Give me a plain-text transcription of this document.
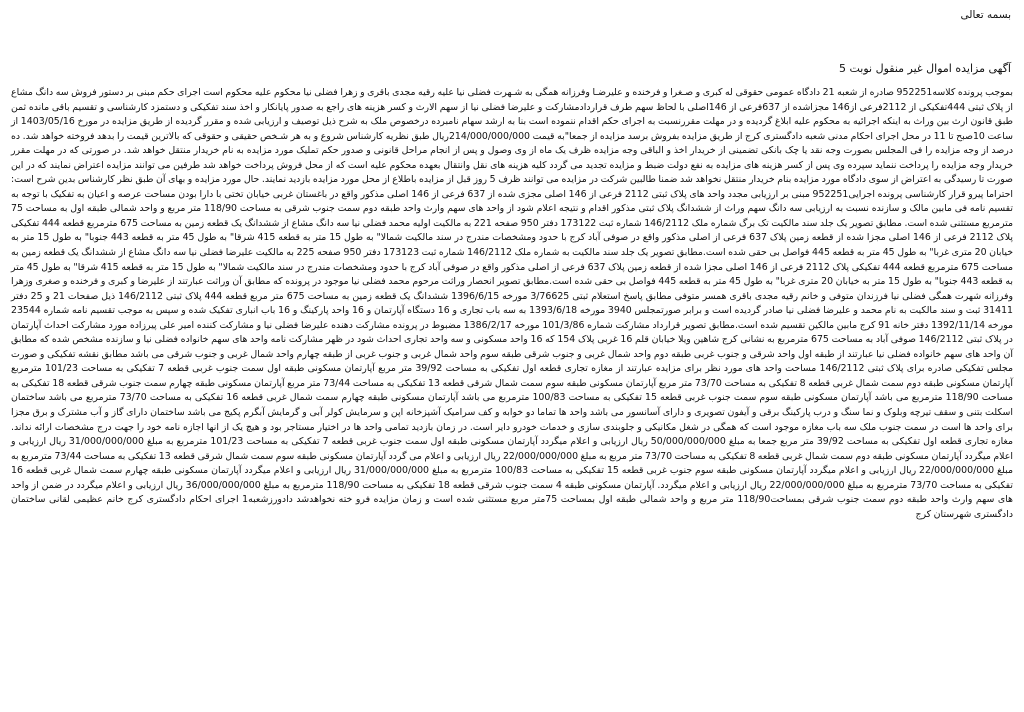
بسمه تعالی

آگهی مزایده اموال غیر منقول نوبت 5

بموجب پرونده کلاسه952251 صادره از شعبه 21 دادگاه عمومی حقوقی له کبری و صـغرا و فرخنده و علیرضـا وفرزانه همگی به شـهرت فضلی نیا علیه رقیه مجدی باقری و زهرا فضلی نیا محکوم علیه محکوم است اجرای حکم مبنی بر دستور فروش سه دانگ مشاع از پلاک ثبتی 444تفکیکی از 2112فرعی از146 مجزاشده از 637فرعی از 146اصلی با لحاظ سهم طرف قراردادمشارکت و علیرضا فضلی نیا از سهم الارث و کسر هزینه های راجع به صدور پایانکار و اخذ سند تفکیکی و دستمزد کارشناسی و تقسیم باقی مانده ثمن طبق قانون ارث بین وراث به اینکه اجرائیه به محکوم علیه ابلاغ گردیده و در مهلت مقررنسبت به اجرای حکم اقدام ننموده است بنا به ارشد سهام نامبرده درخصوص ملک به شرح ذیل توصیف و ارزیابی شده و مقرر گردیده از طریق مزایده در مورخ 1403/05/16 از ساعت 10صبح تا 11 در محل اجرای احکام مدنی شعبه دادگستری کرج از طریق مزایده بفروش برسد مزایده از جمعا"به قیمت 214/000/000/000ریال طبق نظریه کارشناس شروع و به هر شـخص حقیقی و حقوقی که بالاترین قیمت را بدهد فروخته خواهد شد. ده درصد از وجه مزایده را فی المجلس بصورت وجه نقد یا چک بانکی تضمینی از خریدار اخذ و الباقی وجه مزایده ظرف یک ماه از وی وصول و پس از انجام مراحل قانونی و صدور حکم تملیک مورد مزایده به نام خریدار منتقل خواهد شد. در صورتی که در مهلت مقرر خریدار وجه مزایده را پرداخت ننماید سپرده وی پس از کسر هزینه های مزایده به نفع دولت ضبط و مزایده تجدید می گردد کلیه هزینه های نقل وانتقال بعهده محکوم علیه است که از محل فروش پرداخت خواهد شد طرفین می توانند مزایده اعتراض نمایند که در این صورت تا رسیدگی به اعتراض از سوی دادگاه مورد مزایده بنام خریدار منتقل نخواهد شد ضمنا طالبین شرکت در مزایده می توانند ظرف 5 روز قبل از مزایده باطلاع از محل مورد مزایده بازدید نمایند. حال مورد مزایده و بهای آن طبق نظر کارشناس بدین شرح است: احتراما پیرو قرار کارشناسی پرونده اجرایی952251 مبنی بر ارزیابی مجدد واحد های پلاک ثبتی 2112 فرعی از 146 اصلی مجزی شده از 637 فرعی از 146 اصلی مذکور واقع در باغستان غربی خیابان تختی با دارا بودن مساحت عرصه و اعیان به تفکیک با توجه به تقسیم نامه فی مابین مالک و سازنده نسبت به ارزیابی سه دانگ سهم وراث از ششدانگ پلاک ثبتی مذکور اقدام و نتیجه اعلام شود از واحد های سهم وارث واحد طبقه دوم سمت جنوب شرقی به مساحت 118/90 متر مربع و واحد شمالی طبقه اول به مساحت 75 مترمربع مستثنی شده است. مطابق تصویر یک جلد سند مالکیت تک برگ شماره ملک 146/2112 شماره ثبت 173122 دفتر 950 صفحه 221 به مالکیت اولیه محمد فضلی نیا سه دانگ مشاع از ششدانگ یک قطعه زمین به مساحت 675 مترمربع قطعه 444 تفکیکی پلاک 2112 فرعی از 146 اصلی مجزا شده از قطعه زمین پلاک 637 فرعی از اصلی مذکور واقع در صوفی آباد کرج با حدود ومشخصات مندرج در سند مالکیت شمالا" به طول 15 متر به قطعه 415 شرقا" به طول 45 متر به قطعه 443 جنوبا" به طول 15 متر به خیابان 20 متری غربا" به طول 45 متر به قطعه 445 فواصل بی حقی شده است.مطابق تصویر یک جلد سند مالکیت به شماره ملک 146/2112 شماره ثبت 173123 دفتر 950 صفحه 225 به مالکیت علیرضا فضلی نیا سه دانگ مشاع از ششدانگ یک قطعه زمین به مساحت 675 مترمربع قطعه 444 تفکیکی پلاک 2112 فرعی از 146 اصلی مجزا شده از قطعه زمین پلاک 637 فرعی از اصلی مذکور واقع در صوفی آباد کرج با حدود ومشخصات مندرج در سند مالکیت شمالا" به طول 15 متر به قطعه 415 شرقا" به طول 45 متر به قطعه 443 جنوبا" به طول 15 متر به خیابان 20 متری غربا" به طول 45 متر به قطعه 445 فواصل بی حقی شده است.مطابق تصویر انحصار وراثت مرحوم محمد فضلی نیا موجود در پرونده که مطابق آن وراثت عبارتند از علیرضا و کبری و فرخنده و صغری وزهرا وفرزانه شهرت همگی فضلی نیا فرزندان متوفی و خانم رقیه مجدی باقری همسر متوفی مطابق پاسخ استعلام ثبتی 3/76625 مورخه 1396/6/15 ششدانگ یک قطعه زمین به مساحت 675 متر مربع قطعه 444 پلاک ثبتی 146/2112 ذیل صفحات 21 و 25 دفتر 31411 ثبت و سند مالکیت به نام محمد و علیرضا فضلی نیا صادر گردیده است و برابر صورتمجلس 3940 مورخه 1393/6/18 به سه باب تجاری و 16 دستگاه آپارتمان و 16 واحد پارکینگ و 16 باب انباری تفکیک شده و سپس به موجب تقسیم نامه شماره 23544 مورخه 1392/11/14 دفتر خانه 91 کرج مابین مالکین تقسیم شده است.مطابق تصویر قرارداد مشارکت شماره 101/3/86 مورخه 1386/2/17 مضبوط در پرونده مشارکت دهنده علیرضا فضلی نیا و مشارکت کننده امیر علی پیرزاده مورد مشارکت احداث آپارتمان در پلاک ثبتی 146/2112 صوفی آباد به مساحت 675 مترمربع به نشانی کرج شاهین ویلا خیابان قلم 16 غربی پلاک 154 که 16 واحد مسکونی و سه واحد تجاری احداث شود در ظهر مشارکت نامه واحد های سهم خانواده فضلی نیا و سازنده مشخص شده که مطابق آن واحد های سهم خانواده فضلی نیا عبارتند از طبقه اول واحد شرقی و جنوب غربی طبقه دوم واحد شمال غربی و جنوب شرقی طبقه سوم واحد شمال غربی و جنوب غربی از طبقه چهارم واحد شمال غربی و جنوب شرقی می باشد مطابق نقشه تفکیکی و صورت مجلس تفکیکی صادره برای پلاک ثبتی 146/2112 مساحت واحد های مورد نظر برای مزایده عبارتند از مغازه تجاری قطعه اول تفکیکی به مساحت 39/92 متر مربع آپارتمان مسکونی طبقه اول سمت جنوب غربی قطعه 7 تفکیکی به مساحت 101/23 مترمربع آپارتمان مسکونی طبقه دوم سمت شمال غربی قطعه 8 تفکیکی به مساحت 73/70 متر مربع آپارتمان مسکونی طبقه سوم سمت شمال شرقی قطعه 13 تفکیکی به مساحت 73/44 متر مربع آپارتمان مسکونی طبقه چهارم سمت جنوب شرقی قطعه 18 تفکیکی به مساحت 118/90 مترمربع می باشد آپارتمان مسکونی طبقه سوم سمت جنوب غربی قطعه 15 تفکیکی به مساحت 100/83 مترمربع می باشد آپارتمان مسکونی طبقه چهارم سمت شمال غربی قطعه 16 تفکیکی به مساحت 73/70 مترمربع می باشد ساختمان اسکلت بتنی و سقف تیرچه وبلوک و نما سنگ و درب پارکینگ برقی و آیفون تصویری و دارای آسانسور می باشد واحد ها تماما دو خوابه و کف سرامیک آشپزخانه اپن و سرمایش کولر آبی و گرمایش آبگرم پکیج می باشد ساختمان دارای گاز و آب مشترک و برق مجزا برای واحد ها است در سمت جنوب ملک سه باب مغازه موجود است که همگی در شغل مکانیکی و جلوبندی سازی و خدمات خودرو دایر است. در زمان بازدید تمامی واحد ها در اختیار مستاجر بود و هیچ یک از انها اجازه نامه خود را جهت درج مشخصات ارائه نداند. مغازه تجاری قطعه اول تفکیکی به مساحت 39/92 متر مربع جمعا به مبلغ 50/000/000/000 ریال ارزیابی و اعلام میگردد آپارتمان مسکونی طبقه اول سمت جنوب غربی قطعه 7 تفکیکی به مساحت 101/23 مترمربع به مبلغ 31/000/000/000 ریال ارزیابی و اعلام میگردد آپارتمان مسکونی طبقه دوم سمت شمال غربی قطعه 8 تفکیکی به مساحت 73/70 متر مربع به مبلغ 22/000/000/000 ریال ارزیابی و اعلام می گردد آپارتمان مسکونی طبقه سوم سمت شمال شرقی قطعه 13 تفکیکی به مساحت 73/44 مترمربع به مبلغ 22/000/000/000 ریال ارزیابی و اعلام میگردد آپارتمان مسکونی طبقه سوم جنوب غربی قطعه 15 تفکیکی به مساحت 100/83 مترمربع به مبلغ 31/000/000/000 ریال ارزیابی و اعلام میگردد آپارتمان مسکونی طبقه چهارم سمت شمال غربی قطعه 16 تفکیکی به مساحت 73/70 مترمربع به مبلغ 22/000/000/000 ریال ارزیابی و اعلام میگردد. آپارتمان مسکونی طبقه 4 سمت جنوب شرقی قطعه 18 تفکیکی به مساحت 118/90 مترمربع به مبلغ 36/000/000/000 ریال ارزیابی و اعلام میگردد در ضمن از واحد های سهم وارث واحد طبقه دوم سمت جنوب شرقی بمساحت118/90 متر مربع و واحد شمالی طبقه اول بمساحت 75متر مربع مستثنی شده است و زمان مزایده فرو خته نخواهدشد دادورزشعبه1 اجرای احکام دادگستری کرج خانم عظیمی لقانی ساختمان دادگستری شهرستان کرج
